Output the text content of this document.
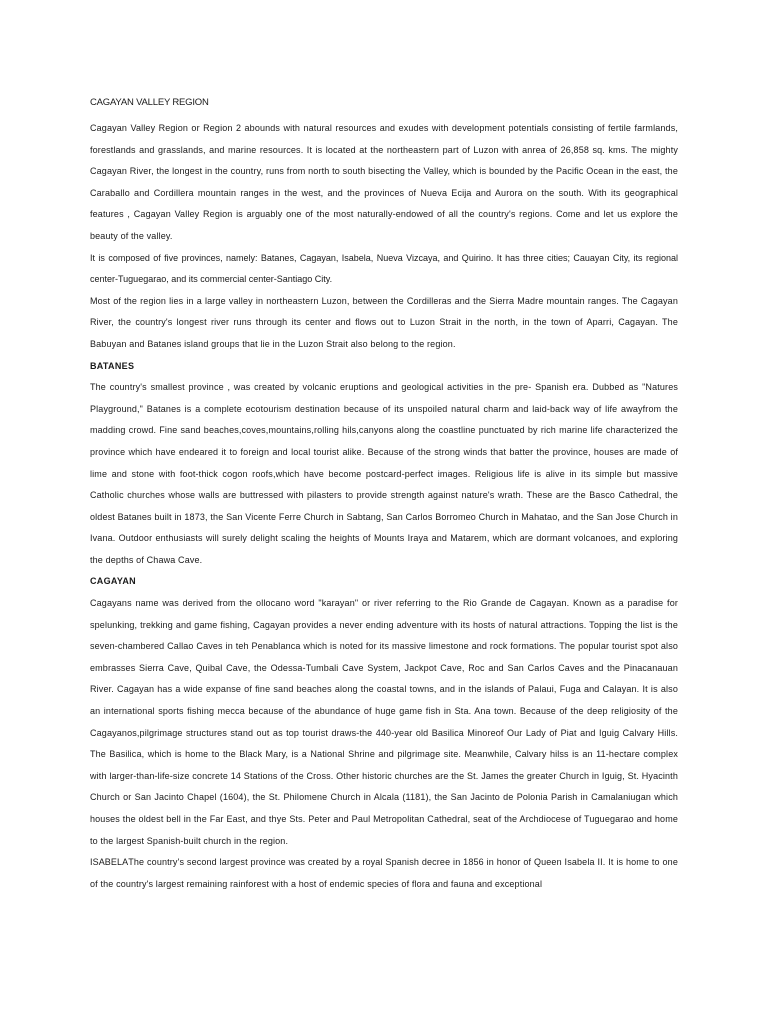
CAGAYAN VALLEY REGION

Cagayan Valley Region or Region 2 abounds with natural resources and exudes with development potentials consisting of fertile farmlands, forestlands and grasslands, and marine resources. It is located at the northeastern part of Luzon with anrea of 26,858 sq. kms. The mighty Cagayan River, the longest in the country, runs from north to south bisecting the Valley, which is bounded by the Pacific Ocean in the east, the Caraballo and Cordillera mountain ranges in the west, and the provinces of Nueva Ecija and Aurora on the south. With its geographical features , Cagayan Valley Region is arguably one of the most naturally-endowed of all the country's regions. Come and let us explore the beauty of the valley.

It is composed of five provinces, namely: Batanes, Cagayan, Isabela, Nueva Vizcaya, and Quirino. It has three cities; Cauayan City, its regional center-Tuguegarao, and its commercial center-Santiago City.

Most of the region lies in a large valley in northeastern Luzon, between the Cordilleras and the Sierra Madre mountain ranges. The Cagayan River, the country's longest river runs through its center and flows out to Luzon Strait in the north, in the town of Aparri, Cagayan. The Babuyan and Batanes island groups that lie in the Luzon Strait also belong to the region.

BATANES

The country's smallest province , was created by volcanic eruptions and geological activities in the pre- Spanish era. Dubbed as "Natures Playground," Batanes is a complete ecotourism destination because of its unspoiled natural charm and laid-back way of life awayfrom the madding crowd. Fine sand beaches,coves,mountains,rolling hils,canyons along the coastline punctuated by rich marine life characterized the province which have endeared it to foreign and local tourist alike. Because of the strong winds that batter the province, houses are made of lime and stone with foot-thick cogon roofs,which have become postcard-perfect images. Religious life is alive in its simple but massive Catholic churches whose walls are buttressed with pilasters to provide strength against nature's wrath. These are the Basco Cathedral, the oldest Batanes built in 1873, the San Vicente Ferre Church in Sabtang, San Carlos Borromeo Church in Mahatao, and the San Jose Church in Ivana. Outdoor enthusiasts will surely delight scaling the heights of Mounts Iraya and Matarem, which are dormant volcanoes, and exploring the depths of Chawa Cave.

CAGAYAN

Cagayans name was derived from the ollocano word "karayan" or river referring to the Rio Grande de Cagayan. Known as a paradise for spelunking, trekking and game fishing, Cagayan provides a never ending adventure with its hosts of natural attractions. Topping the list is the seven-chambered Callao Caves in teh Penablanca which is noted for its massive limestone and rock formations. The popular tourist spot also embrasses Sierra Cave, Quibal Cave, the Odessa-Tumbali Cave System, Jackpot Cave, Roc and San Carlos Caves and the Pinacanauan River. Cagayan has a wide expanse of fine sand beaches along the coastal towns, and in the islands of Palaui, Fuga and Calayan. It is also an international sports fishing mecca because of the abundance of huge game fish in Sta. Ana town. Because of the deep religiosity of the Cagayanos,pilgrimage structures stand out as top tourist draws-the 440-year old Basilica Minoreof Our Lady of Piat and Iguig Calvary Hills. The Basilica, which is home to the Black Mary, is a National Shrine and pilgrimage site. Meanwhile, Calvary hilss is an 11-hectare complex with larger-than-life-size concrete 14 Stations of the Cross. Other historic churches are the St. James the greater Church in Iguig, St. Hyacinth Church or San Jacinto Chapel (1604), the St. Philomene Church in Alcala (1181), the San Jacinto de Polonia Parish in Camalaniugan which houses the oldest bell in the Far East, and thye Sts. Peter and Paul Metropolitan Cathedral, seat of the Archdiocese of Tuguegarao and home to the largest Spanish-built church in the region.

ISABELAThe country's second largest province was created by a royal Spanish decree in 1856 in honor of Queen Isabela II. It is home to one of the country's largest remaining rainforest with a host of endemic species of flora and fauna and exceptional
